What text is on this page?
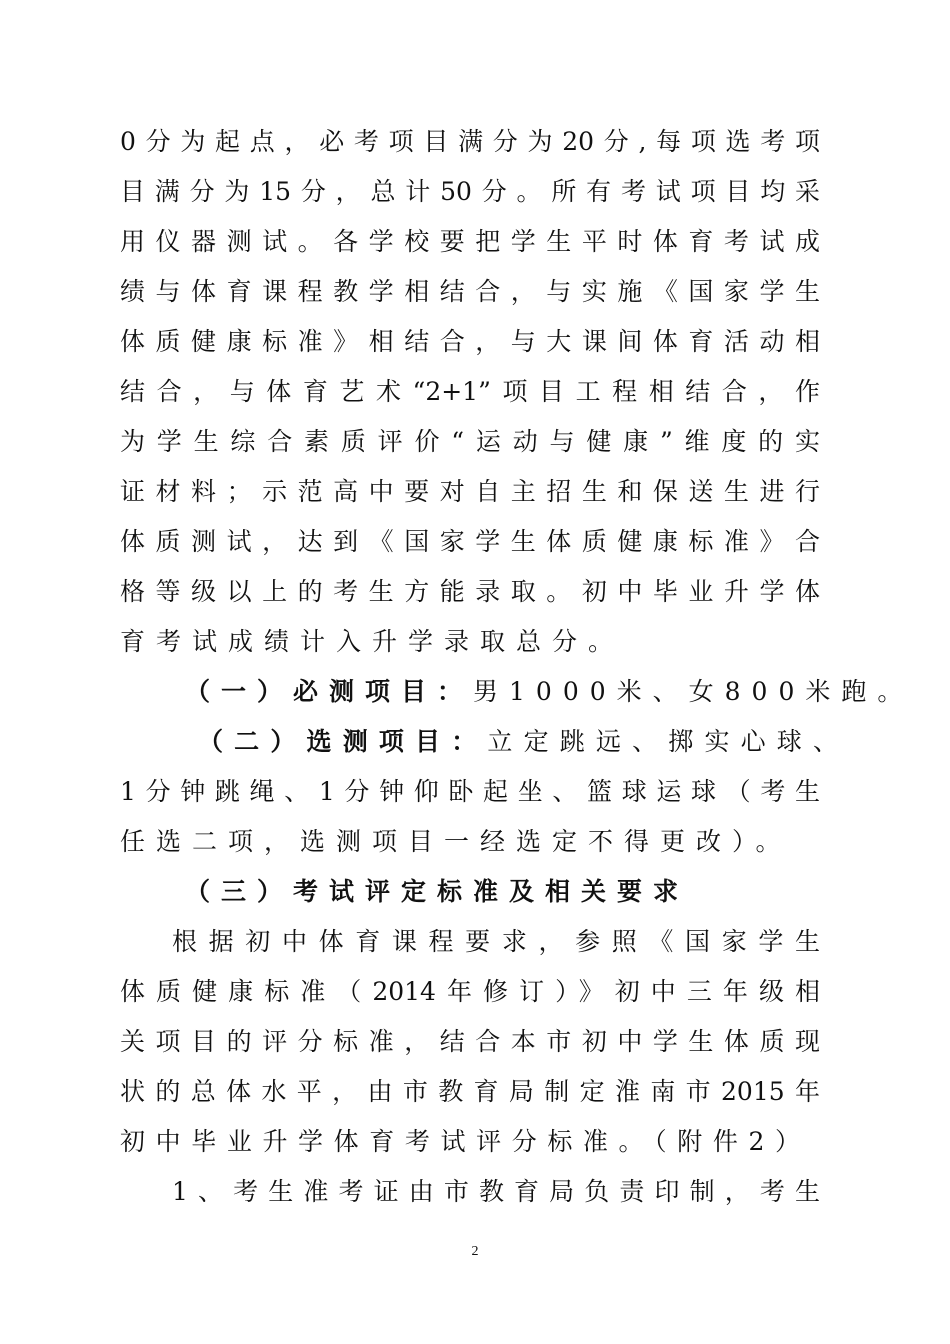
0分为起点，必考项目满分为20分,每项选考项
目满分为15分，总计50分。所有考试项目均采
用仪器测试。各学校要把学生平时体育考试成
绩与体育课程教学相结合，与实施《国家学生
体质健康标准》相结合，与大课间体育活动相
结合，与体育艺术“2+1”项目工程相结合，作
为学生综合素质评价“运动与健康”维度的实
证材料；示范高中要对自主招生和保送生进行
体质测试，达到《国家学生体质健康标准》合
格等级以上的考生方能录取。初中毕业升学体
育考试成绩计入升学录取总分。
（一）必测项目：男1000米、女800米跑。
（二）选测项目：立定跳远、掷实心球、
1分钟跳绳、1分钟仰卧起坐、篮球运球（考生
任选二项，选测项目一经选定不得更改）。
（三）考试评定标准及相关要求
根据初中体育课程要求，参照《国家学生
体质健康标准（2014年修订）》初中三年级相
关项目的评分标准，结合本市初中学生体质现
状的总体水平，由市教育局制定淮南市2015年
初中毕业升学体育考试评分标准。（附件2）
1、考生准考证由市教育局负责印制，考生
2
